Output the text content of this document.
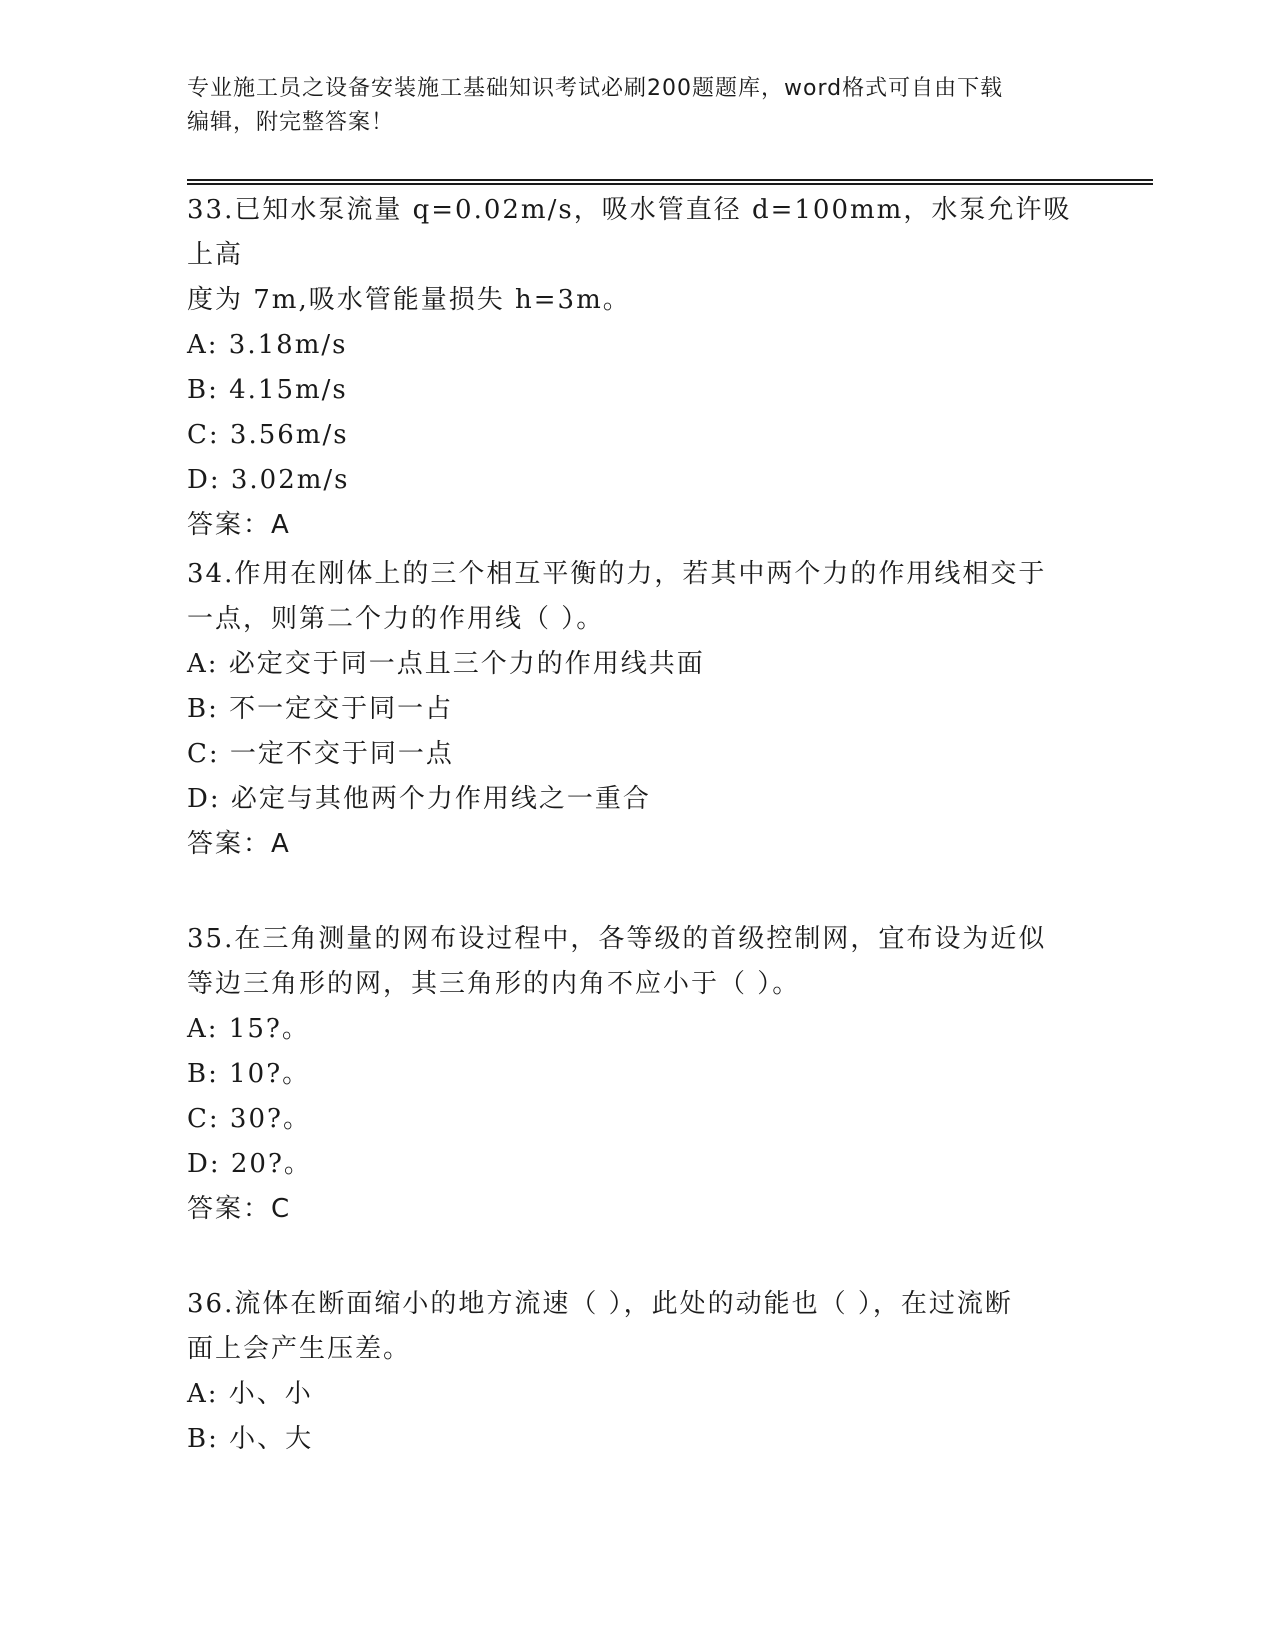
专业施工员之设备安装施工基础知识考试必刷200题题库，word格式可自由下载
编辑，附完整答案！

33.已知水泵流量 q=0.02m/s，吸水管直径 d=100mm，水泵允许吸上高
度为 7m,吸水管能量损失 h=3m。

A: 3.18m/s

B: 4.15m/s

C: 3.56m/s

D: 3.02m/s

答案：A

34.作用在刚体上的三个相互平衡的力，若其中两个力的作用线相交于
一点，则第二个力的作用线（ ）。

A: 必定交于同一点且三个力的作用线共面

B: 不一定交于同一占

C: 一定不交于同一点

D: 必定与其他两个力作用线之一重合

答案：A

35.在三角测量的网布设过程中，各等级的首级控制网，宜布设为近似
等边三角形的网，其三角形的内角不应小于（ ）。

A: 15?。

B: 10?。

C: 30?。

D: 20?。

答案：C

36.流体在断面缩小的地方流速（ ），此处的动能也（ ），在过流断
面上会产生压差。

A: 小、小

B: 小、大
